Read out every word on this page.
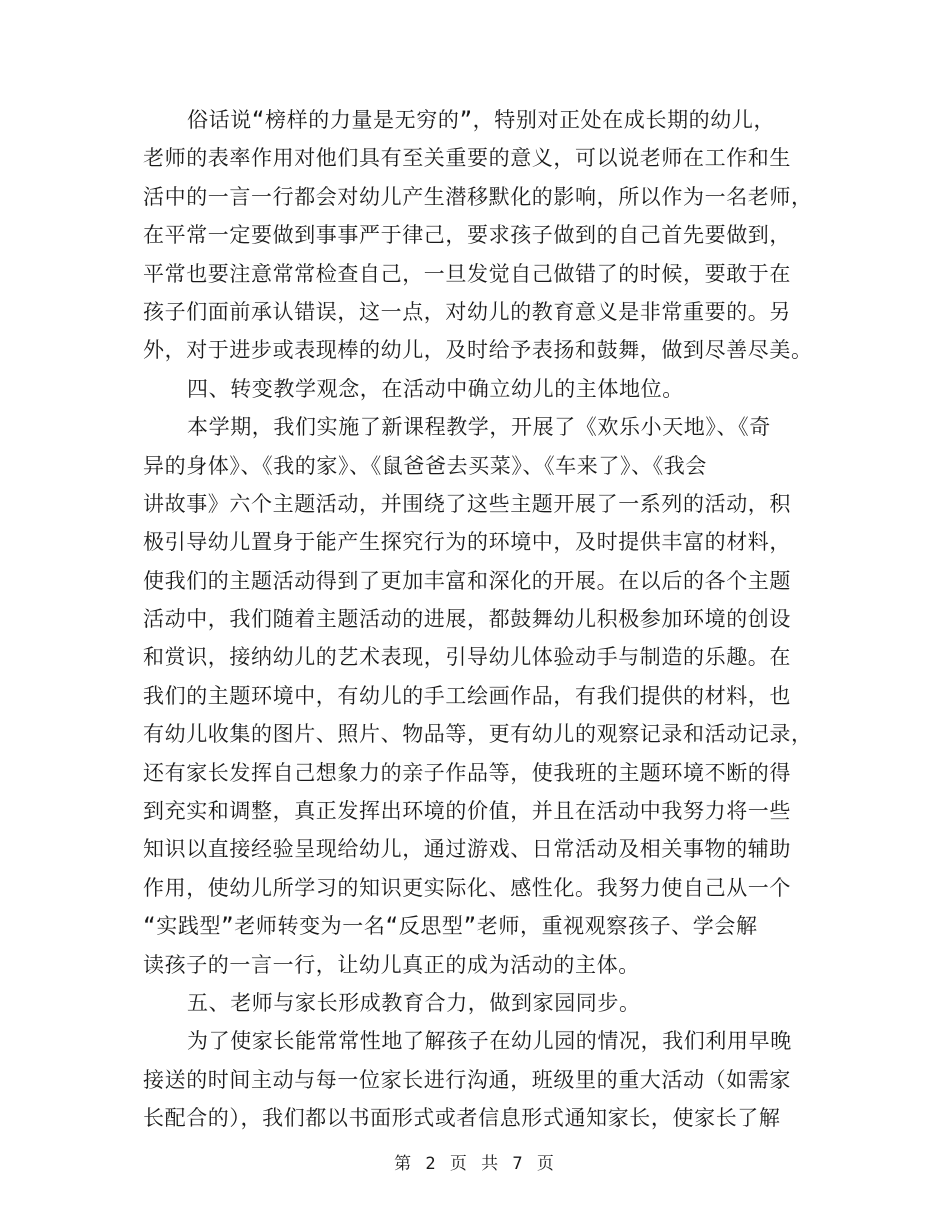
俗话说“榜样的力量是无穷的”，特别对正处在成长期的幼儿，
老师的表率作用对他们具有至关重要的意义，可以说老师在工作和生
活中的一言一行都会对幼儿产生潜移默化的影响，所以作为一名老师，
在平常一定要做到事事严于律己，要求孩子做到的自己首先要做到，
平常也要注意常常检查自己，一旦发觉自己做错了的时候，要敢于在
孩子们面前承认错误，这一点，对幼儿的教育意义是非常重要的。另
外，对于进步或表现棒的幼儿，及时给予表扬和鼓舞，做到尽善尽美。
四、转变教学观念，在活动中确立幼儿的主体地位。
本学期，我们实施了新课程教学，开展了《欢乐小天地》、《奇
异的身体》、《我的家》、《鼠爸爸去买菜》、《车来了》、《我会
讲故事》六个主题活动，并围绕了这些主题开展了一系列的活动，积
极引导幼儿置身于能产生探究行为的环境中，及时提供丰富的材料，
使我们的主题活动得到了更加丰富和深化的开展。在以后的各个主题
活动中，我们随着主题活动的进展，都鼓舞幼儿积极参加环境的创设
和赏识，接纳幼儿的艺术表现，引导幼儿体验动手与制造的乐趣。在
我们的主题环境中，有幼儿的手工绘画作品，有我们提供的材料，也
有幼儿收集的图片、照片、物品等，更有幼儿的观察记录和活动记录，
还有家长发挥自己想象力的亲子作品等，使我班的主题环境不断的得
到充实和调整，真正发挥出环境的价值，并且在活动中我努力将一些
知识以直接经验呈现给幼儿，通过游戏、日常活动及相关事物的辅助
作用，使幼儿所学习的知识更实际化、感性化。我努力使自己从一个
“实践型”老师转变为一名“反思型”老师，重视观察孩子、学会解
读孩子的一言一行，让幼儿真正的成为活动的主体。
五、老师与家长形成教育合力，做到家园同步。
为了使家长能常常性地了解孩子在幼儿园的情况，我们利用早晚
接送的时间主动与每一位家长进行沟通，班级里的重大活动（如需家
长配合的），我们都以书面形式或者信息形式通知家长，使家长了解
第 2 页 共 7 页
